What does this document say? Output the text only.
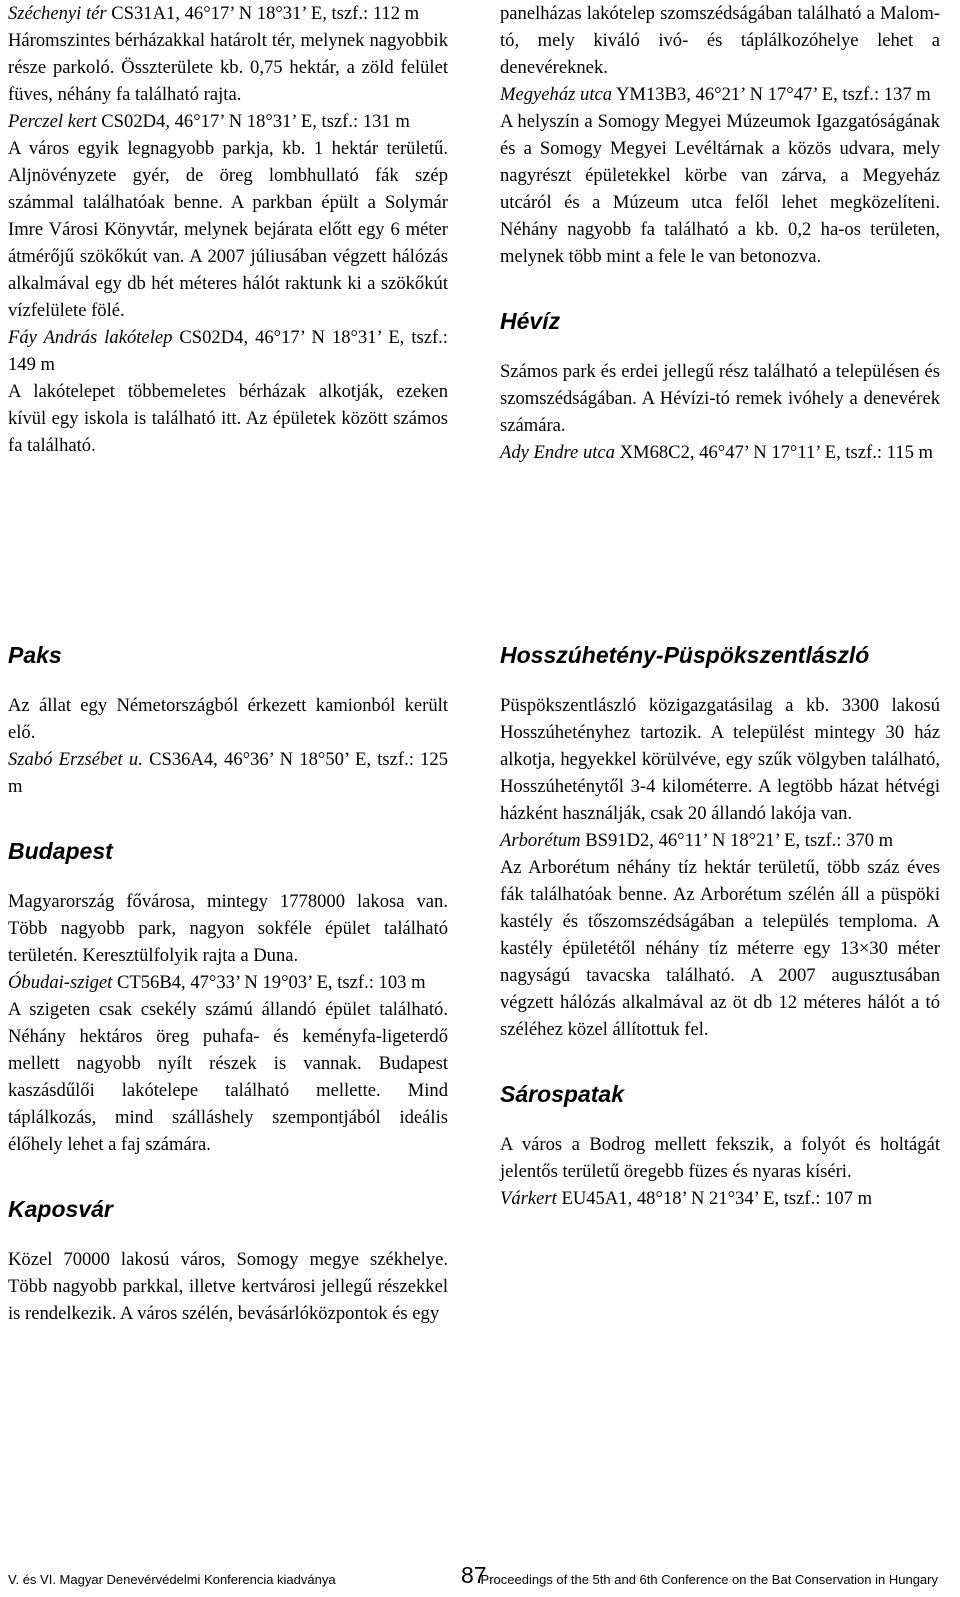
Széchenyi tér CS31A1, 46°17’ N 18°31’ E, tszf.: 112 m

Háromszintes bérházakkal határolt tér, melynek nagyobbik része parkoló. Összterülete kb. 0,75 hektár, a zöld felület füves, néhány fa található rajta.

Perczel kert CS02D4, 46°17’ N 18°31’ E, tszf.: 131 m

A város egyik legnagyobb parkja, kb. 1 hektár területű. Aljnövényzete gyér, de öreg lombhullató fák szép számmal találhatóak benne. A parkban épült a Solymár Imre Városi Könyvtár, melynek bejárata előtt egy 6 méter átmérőjű szökőkút van. A 2007 júliusában végzett hálózás alkalmával egy db hét méteres hálót raktunk ki a szökőkút vízfelülete fölé.

Fáy András lakótelep CS02D4, 46°17’ N 18°31’ E, tszf.: 149 m

A lakótelepet többemeletes bérházak alkotják, ezeken kívül egy iskola is található itt. Az épületek között számos fa található.

panelházas lakótelep szomszédságában található a Malom-tó, mely kiváló ivó- és táplálkozóhelye lehet a denevéreknek.

Megyeház utca YM13B3, 46°21’ N 17°47’ E, tszf.: 137 m

A helyszín a Somogy Megyei Múzeumok Igazgatóságának és a Somogy Megyei Levéltárnak a közös udvara, mely nagyrészt épületekkel körbe van zárva, a Megyeház utcáról és a Múzeum utca felől lehet megközelíteni. Néhány nagyobb fa található a kb. 0,2 ha-os területen, melynek több mint a fele le van betonozva.

Hévíz

Számos park és erdei jellegű rész található a településen és szomszédságában. A Hévízi-tó remek ivóhely a denevérek számára.

Ady Endre utca XM68C2, 46°47’ N 17°11’ E, tszf.: 115 m

Paks

Az állat egy Németországból érkezett kamionból került elő.

Szabó Erzsébet u. CS36A4, 46°36’ N 18°50’ E, tszf.: 125 m

Budapest

Magyarország fővárosa, mintegy 1778000 lakosa van. Több nagyobb park, nagyon sokféle épület található területén. Keresztülfolyik rajta a Duna.

Óbudai-sziget CT56B4, 47°33’ N 19°03’ E, tszf.: 103 m

A szigeten csak csekély számú állandó épület található. Néhány hektáros öreg puhafa- és keményfa-ligeterdő mellett nagyobb nyílt részek is vannak. Budapest kaszásdűlői lakótelepe található mellette. Mind táplálkozás, mind szálláshely szempontjából ideális élőhely lehet a faj számára.

Kaposvár

Közel 70000 lakosú város, Somogy megye székhelye. Több nagyobb parkkal, illetve kertvárosi jellegű részekkel is rendelkezik. A város szélén, bevásárlóközpontok és egy

Hosszúhetény-Püspökszentlászló

Püspökszentlászló közigazgatásilag a kb. 3300 lakosú Hosszúhetényhez tartozik. A települést mintegy 30 ház alkotja, hegyekkel körülvéve, egy szűk völgyben található, Hosszúheténytől 3-4 kilométerre. A legtöbb házat hétvégi házként használják, csak 20 állandó lakója van.

Arborétum BS91D2, 46°11’ N 18°21’ E, tszf.: 370 m

Az Arborétum néhány tíz hektár területű, több száz éves fák találhatóak benne. Az Arborétum szélén áll a püspöki kastély és tőszomszédságában a település temploma. A kastély épületétől néhány tíz méterre egy 13×30 méter nagyságú tavacska található. A 2007 augusztusában végzett hálózás alkalmával az öt db 12 méteres hálót a tó széléhez közel állítottuk fel.

Sárospatak

A város a Bodrog mellett fekszik, a folyót és holtágát jelentős területű öregebb füzes és nyaras kíséri.

Várkert EU45A1, 48°18’ N 21°34’ E, tszf.: 107 m

V. és VI. Magyar Denevérvédelmi Konferencia kiadványa	87
Proceedings of the 5th and 6th Conference on the Bat Conservation in Hungary
